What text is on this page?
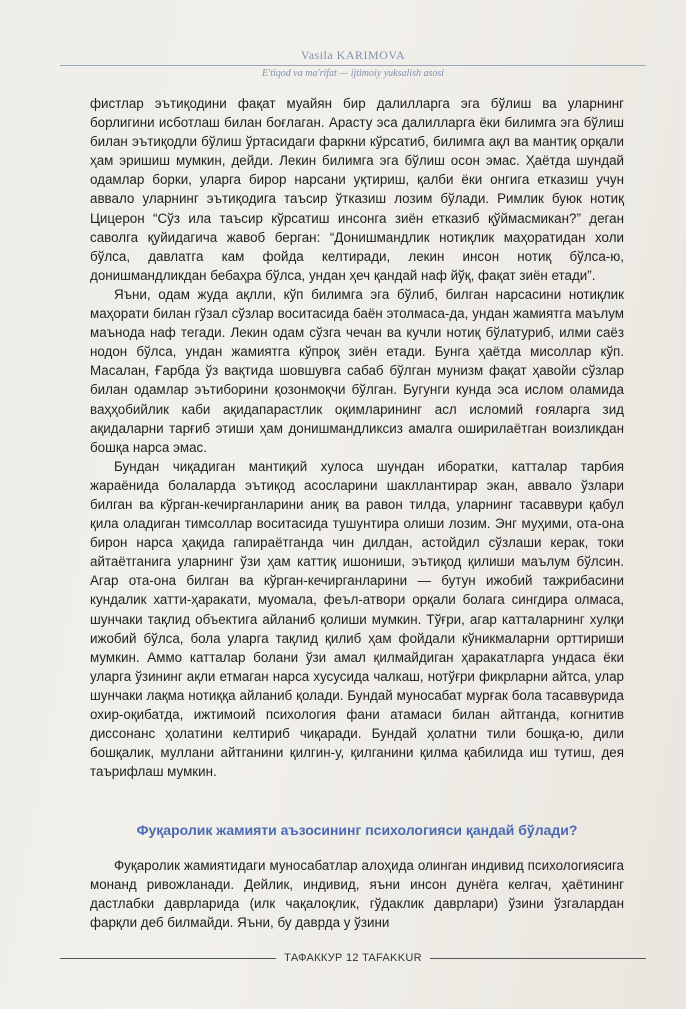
Vasila KARIMOVA
E'tiqod va ma'rifat — ijtimoiy yuksalish asosi

фистлар эътиқодини фақат муайян бир далилларга эга бўлиш ва уларнинг борлигини исботлаш билан боғлаган. Арасту эса далилларга ёки билимга эга бўлиш билан эътиқодли бўлиш ўртасидаги фаркни кўрсатиб, билимга ақл ва мантиқ орқали ҳам эришиш мумкин, дейди. Лекин билимга эга бўлиш осон эмас. Ҳаётда шундай одамлар борки, уларга бирор нарсани уқтириш, қалби ёки онгига етказиш учун аввало уларнинг эътиқодига таъсир ўтказиш лозим бўлади. Римлик буюк нотиқ Цицерон “Сўз ила таъсир кўрсатиш инсонга зиён етказиб қўймасмикан?” деган саволга қуйидагича жавоб берган: “Донишмандлик нотиқлик маҳоратидан холи бўлса, давлатга кам фойда келтиради, лекин инсон нотиқ бўлса-ю, донишмандликдан бебаҳра бўлса, ундан ҳеч қандай наф йўқ, фақат зиён етади”.

Яъни, одам жуда ақлли, кўп билимга эга бўлиб, билган нарсасини нотиқлик маҳорати билан гўзал сўзлар воситасида баён этолмаса-да, ундан жамиятга маълум маънода наф тегади. Лекин одам сўзга чечан ва кучли нотиқ бўлатуриб, илми саёз нодон бўлса, ундан жамиятга кўпроқ зиён етади. Бунга ҳаётда мисоллар кўп. Масалан, Ғарбда ўз вақтида шовшувга сабаб бўлган мунизм фақат ҳавойи сўзлар билан одамлар эътиборини қозонмоқчи бўлган. Бугунги кунда эса ислом оламида ваҳҳобийлик каби ақидапарастлик оқимларининг асл исломий ғояларга зид ақидаларни тарғиб этиши ҳам донишмандликсиз амалга оширилаётган воизликдан бошқа нарса эмас.

Бундан чиқадиган мантиқий хулоса шундан иборатки, катталар тарбия жараёнида болаларда эътиқод асосларини шакллантирар экан, аввало ўзлари билган ва кўрган-кечирганларини аниқ ва равон тилда, уларнинг тасаввури қабул қила оладиган тимсоллар воситасида тушунтира олиши лозим. Энг муҳими, ота-она бирон нарса ҳақида гапираётганда чин дилдан, астойдил сўзлаши керак, токи айтаётганига уларнинг ўзи ҳам каттиқ ишониши, эътиқод қилиши маълум бўлсин. Агар ота-она билган ва кўрган-кечирганларини — бутун ижобий тажрибасини кундалик хатти-ҳаракати, муомала, феъл-атвори орқали болага сингдира олмаса, шунчаки тақлид объектига айланиб қолиши мумкин. Тўғри, агар катталарнинг хулқи ижобий бўлса, бола уларга тақлид қилиб ҳам фойдали кўникмаларни орттириши мумкин. Аммо катталар болани ўзи амал қилмайдиган ҳаракатларга ундаса ёки уларга ўзининг ақли етмаган нарса хусусида чалкаш, нотўғри фикрларни айтса, улар шунчаки лақма нотиққа айланиб қолади. Бундай муносабат мурғак бола тасаввурида охир-оқибатда, ижтимоий психология фани атамаси билан айтганда, когнитив диссонанс ҳолатини келтириб чиқаради. Бундай ҳолатни тили бошқа-ю, дили бошқалик, муллани айтганини қилгин-у, қилганини қилма қабилида иш тутиш, дея таърифлаш мумкин.

Фуқаролик жамияти аъзосининг психологияси қандай бўлади?

Фуқаролик жамиятидаги муносабатлар алоҳида олинган индивид психологиясига монанд ривожланади. Дейлик, индивид, яъни инсон дунёга келгач, ҳаётининг дастлабки даврларида (илк чақалоқлик, гўдаклик даврлари) ўзини ўзгалардан фарқли деб билмайди. Яъни, бу даврда у ўзини

ТАФАККУР 12 TAFAKKUR
